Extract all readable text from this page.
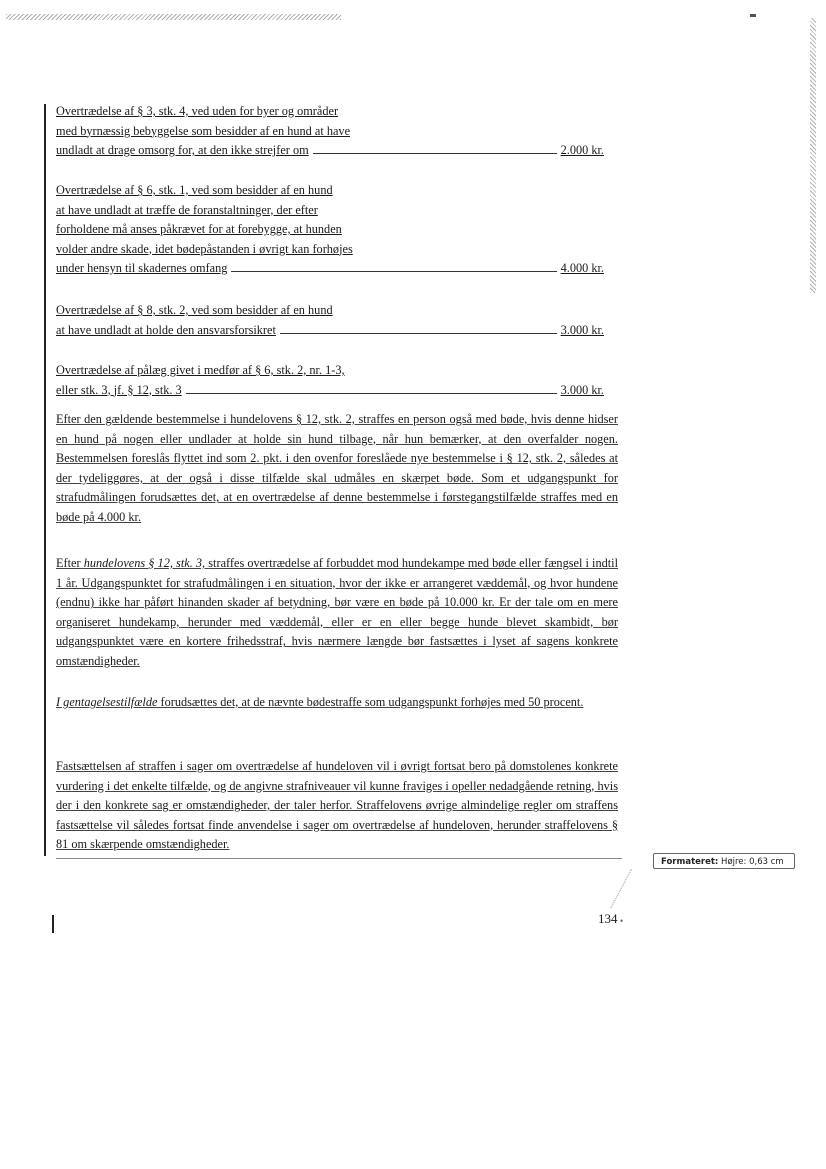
Overtrædelse af § 3, stk. 4, ved uden for byer og områder
med byrnæssig bebyggelse som besidder af en hund at have
undladt at drage omsorg for, at den ikke strejfer om	2.000 kr.
Overtrædelse af § 6, stk. 1, ved som besidder af en hund
at have undladt at træffe de foranstaltninger, der efter
forholdene må anses påkrævet for at forebygge, at hunden
volder andre skade, idet bødepåstanden i øvrigt kan forhøjes
under hensyn til skadernes omfang	4.000 kr.
Overtrædelse af § 8, stk. 2, ved som besidder af en hund
at have undladt at holde den ansvarsforsikret	3.000 kr.
Overtrædelse af pålæg givet i medfør af § 6, stk. 2, nr. 1-3,
eller stk. 3, jf. § 12, stk. 3	3.000 kr.

Efter den gældende bestemmelse i hundelovens § 12, stk. 2, straffes en person også med bøde, hvis denne hidser en hund på nogen eller undlader at holde sin hund tilbage, når hun bemærker, at den overfalder nogen. Bestemmelsen foreslås flyttet ind som 2. pkt. i den ovenfor foreslåede nye bestemmelse i § 12, stk. 2, således at der tydeliggøres, at der også i disse tilfælde skal udmåles en skærpet bøde. Som et udgangspunkt for strafudmålingen forudsættes det, at en overtrædelse af denne bestemmelse i førstegangstilfælde straffes med en bøde på 4.000 kr.

Efter hundelovens § 12, stk. 3, straffes overtrædelse af forbuddet mod hundekampe med bøde eller fængsel i indtil 1 år. Udgangspunktet for strafudmålingen i en situation, hvor der ikke er arrangeret væddemål, og hvor hundene (endnu) ikke har påført hinanden skader af betydning, bør være en bøde på 10.000 kr. Er der tale om en mere organiseret hundekamp, herunder med væddemål, eller er en eller begge hunde blevet skambidt, bør udgangspunktet være en kortere frihedsstraf, hvis nærmere længde bør fastsættes i lyset af sagens konkrete omstændigheder.

I gentagelsestilfælde forudsættes det, at de nævnte bødestraffe som udgangspunkt forhøjes med 50 procent.

Fastsættelsen af straffen i sager om overtrædelse af hundeloven vil i øvrigt fortsat bero på domstolenes konkrete vurdering i det enkelte tilfælde, og de angivne strafniveauer vil kunne fraviges i opeller nedadgående retning, hvis der i den konkrete sag er omstændigheder, der taler herfor. Straffelovens øvrige almindelige regler om straffens fastsættelse vil således fortsat finde anvendelse i sager om overtrædelse af hundeloven, herunder straffelovens § 81 om skærpende omstændigheder.

Formateret: Højre: 0,63 cm
134 •
